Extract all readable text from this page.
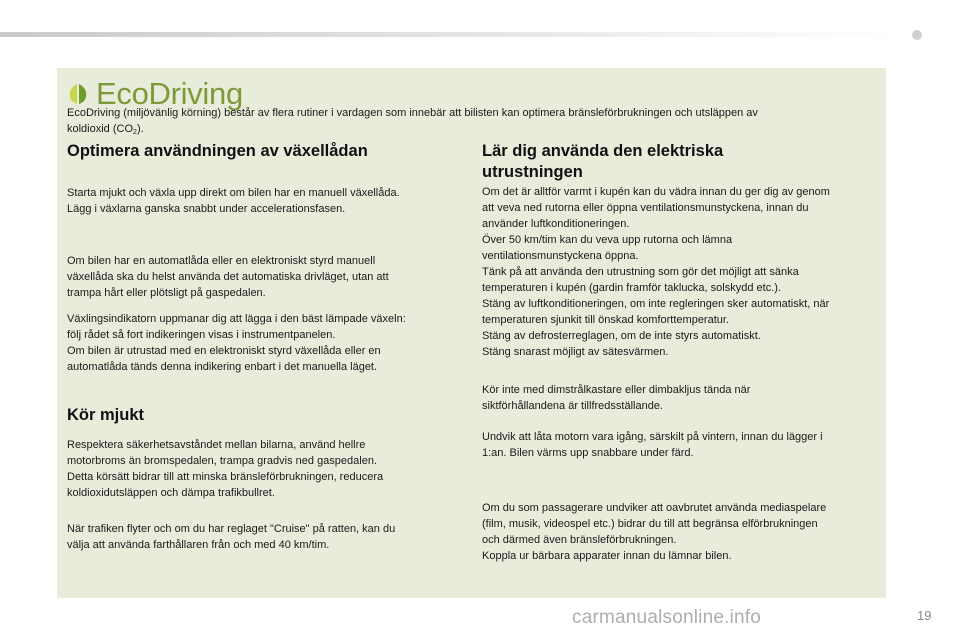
EcoDriving

EcoDriving (miljövänlig körning) består av flera rutiner i vardagen som innebär att bilisten kan optimera bränsleförbrukningen och utsläppen av
koldioxid $(CO_2)$.

Optimera användningen av växellådan

Starta mjukt och växla upp direkt om bilen har en manuell växellåda.
Lägg i växlarna ganska snabbt under accelerationsfasen.

Om bilen har en automatlåda eller en elektroniskt styrd manuell
växellåda ska du helst använda det automatiska drivläget, utan att
trampa hårt eller plötsligt på gaspedalen.

Växlingsindikatorn uppmanar dig att lägga i den bäst lämpade växeln:
följ rådet så fort indikeringen visas i instrumentpanelen.
Om bilen är utrustad med en elektroniskt styrd växellåda eller en
automatlåda tänds denna indikering enbart i det manuella läget.

Kör mjukt

Respektera säkerhetsavståndet mellan bilarna, använd hellre
motorbroms än bromspedalen, trampa gradvis ned gaspedalen.
Detta körsätt bidrar till att minska bränsleförbrukningen, reducera
koldioxidutsläppen och dämpa trafikbullret.

När trafiken flyter och om du har reglaget "Cruise" på ratten, kan du
välja att använda farthållaren från och med 40 km/tim.

Lär dig använda den elektriska
utrustningen

Om det är alltför varmt i kupén kan du vädra innan du ger dig av genom
att veva ned rutorna eller öppna ventilationsmunstyckena, innan du
använder luftkonditioneringen.
Över 50 km/tim kan du veva upp rutorna och lämna
ventilationsmunstyckena öppna.
Tänk på att använda den utrustning som gör det möjligt att sänka
temperaturen i kupén (gardin framför taklucka, solskydd etc.).
Stäng av luftkonditioneringen, om inte regleringen sker automatiskt, när
temperaturen sjunkit till önskad komforttemperatur.
Stäng av defrosterreglagen, om de inte styrs automatiskt.
Stäng snarast möjligt av sätesvärmen.

Kör inte med dimstrålkastare eller dimbakljus tända när
siktförhållandena är tillfredsställande.

Undvik att låta motorn vara igång, särskilt på vintern, innan du lägger i
1:an. Bilen värms upp snabbare under färd.

Om du som passagerare undviker att oavbrutet använda mediaspelare
(film, musik, videospel etc.) bidrar du till att begränsa elförbrukningen
och därmed även bränsleförbrukningen.
Koppla ur bärbara apparater innan du lämnar bilen.

carmanualsonline.info	19
